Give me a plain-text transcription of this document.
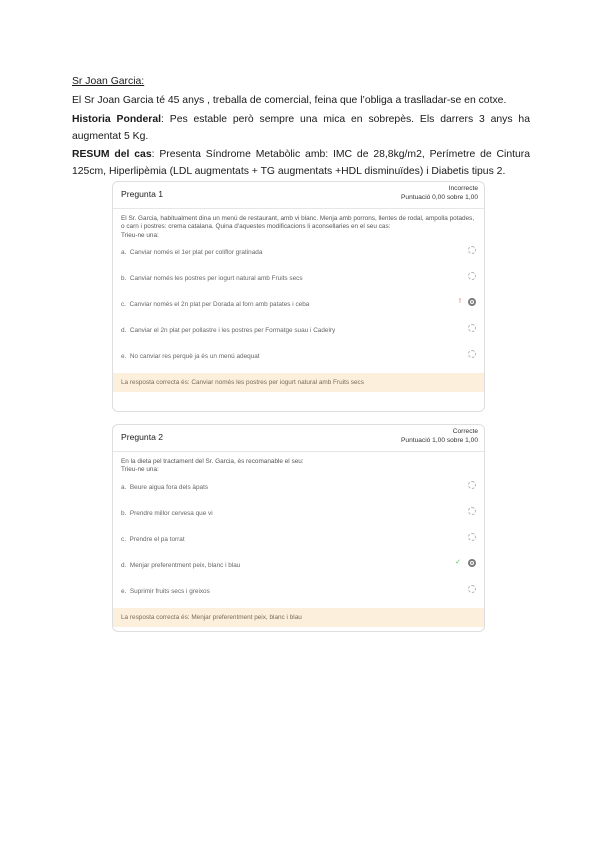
Sr Joan Garcia:

El Sr Joan Garcia té 45 anys , treballa de comercial, feina que l’obliga a traslladar-se en cotxe.

Historia Ponderal: Pes estable però sempre una mica en sobrepès. Els darrers 3 anys ha augmentat 5 Kg.

RESUM del cas: Presenta Síndrome Metabòlic amb: IMC de 28,8kg/m2, Perímetre de Cintura 125cm, Hiperlipèmia (LDL augmentats + TG augmentats +HDL disminuïdes) i Diabetis tipus 2.

Pregunta 1
Incorrecte
Puntuació 0,00 sobre 1,00
El Sr. Garcia, habitualment dina un menú de restaurant, amb vi blanc. Menja amb porrons, llentes de rodal, ampolla potades, o carn i postres: crema catalana. Quina d'aquestes modificacions li aconsellaries en el seu cas:
Trieu-ne una:
a. Canviar només el 1er plat per coliflor gratinada
b. Canviar només les postres per iogurt natural amb Fruits secs
c. Canviar només el 2n plat per Dorada al forn amb patates i ceba	!
d. Canviar el 2n plat per pollastre i les postres per Formatge suau i Cadelry
e. No canviar res perquè ja és un menú adequat
La resposta correcta és: Canviar només les postres per iogurt natural amb Fruits secs
Pregunta 2
Correcte
Puntuació 1,00 sobre 1,00
En la dieta pel tractament del Sr. Garcia, és recomanable el seu:
Trieu-ne una:
a. Beure aigua fora dels àpats
b. Prendre millor cervesa que vi
c. Prendre el pa torrat
d. Menjar preferentment peix, blanc i blau	✓
e. Suprimir fruits secs i greixos
La resposta correcta és: Menjar preferentment peix, blanc i blau
